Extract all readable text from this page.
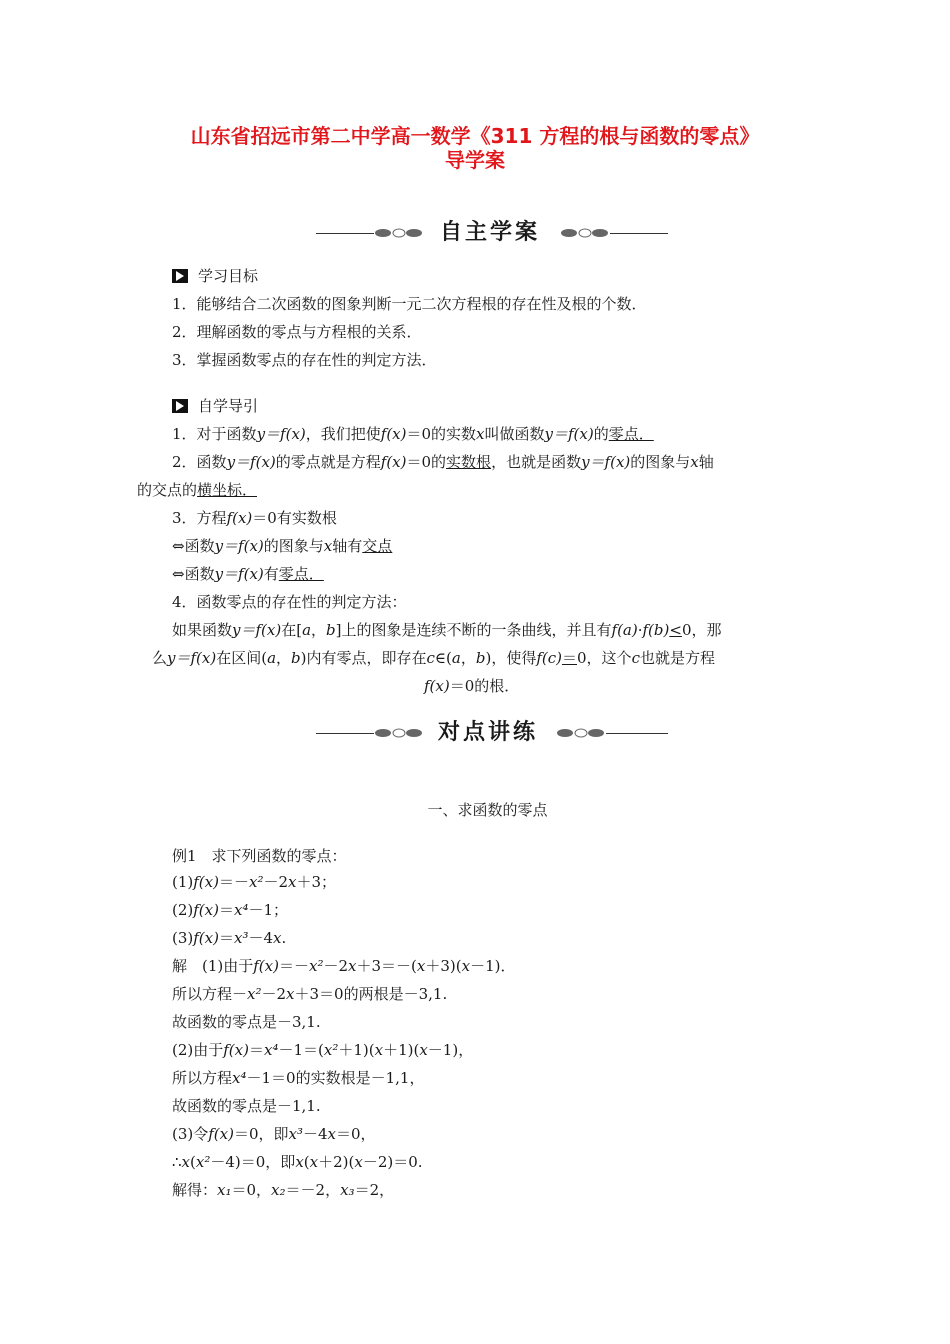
山东省招远市第二中学高一数学《311 方程的根与函数的零点》
导学案
自主学案
学习目标
1．能够结合二次函数的图象判断一元二次方程根的存在性及根的个数．
2．理解函数的零点与方程根的关系．
3．掌握函数零点的存在性的判定方法．
自学导引
1．对于函数y＝f(x)，我们把使f(x)＝0的实数x叫做函数y＝f(x)的零点．
2．函数y＝f(x)的零点就是方程f(x)＝0的实数根，也就是函数y＝f(x)的图象与x轴
的交点的横坐标．
3．方程f(x)＝0有实数根
⇔函数y＝f(x)的图象与x轴有交点
⇔函数y＝f(x)有零点．
4．函数零点的存在性的判定方法：
如果函数y＝f(x)在[a，b]上的图象是连续不断的一条曲线，并且有f(a)·f(b)<0，那
么y＝f(x)在区间(a，b)内有零点，即存在c∈(a，b)，使得f(c)＝0，这个c也就是方程
f(x)＝0的根．
对点讲练
一、求函数的零点
例1　求下列函数的零点：
(1)f(x)＝－x²－2x＋3；
(2)f(x)＝x⁴－1；
(3)f(x)＝x³－4x.
解　(1)由于f(x)＝－x²－2x＋3＝－(x＋3)(x－1)．
所以方程－x²－2x＋3＝0的两根是－3,1.
故函数的零点是－3,1.
(2)由于f(x)＝x⁴－1＝(x²＋1)(x＋1)(x－1)，
所以方程x⁴－1＝0的实数根是－1,1，
故函数的零点是－1,1.
(3)令f(x)＝0，即x³－4x＝0，
∴x(x²－4)＝0，即x(x＋2)(x－2)＝0.
解得：x₁＝0，x₂＝－2，x₃＝2，
